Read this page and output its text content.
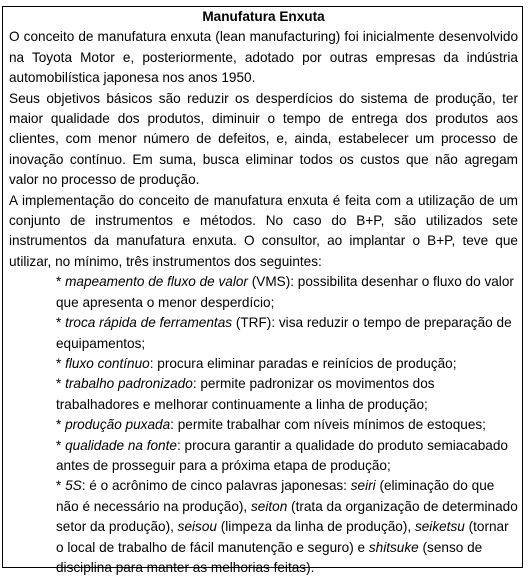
Manufatura Enxuta

O conceito de manufatura enxuta (lean manufacturing) foi inicialmente desenvolvido na Toyota Motor e, posteriormente, adotado por outras empresas da indústria automobilística japonesa nos anos 1950.

Seus objetivos básicos são reduzir os desperdícios do sistema de produção, ter maior qualidade dos produtos, diminuir o tempo de entrega dos produtos aos clientes, com menor número de defeitos, e, ainda, estabelecer um processo de inovação contínuo. Em suma, busca eliminar todos os custos que não agregam valor no processo de produção.

A implementação do conceito de manufatura enxuta é feita com a utilização de um conjunto de instrumentos e métodos. No caso do B+P, são utilizados sete instrumentos da manufatura enxuta. O consultor, ao implantar o B+P, teve que utilizar, no mínimo, três instrumentos dos seguintes:

* mapeamento de fluxo de valor (VMS): possibilita desenhar o fluxo do valor que apresenta o menor desperdício;
* troca rápida de ferramentas (TRF): visa reduzir o tempo de preparação de equipamentos;
* fluxo contínuo: procura eliminar paradas e reinícios de produção;
* trabalho padronizado: permite padronizar os movimentos dos trabalhadores e melhorar continuamente a linha de produção;
* produção puxada: permite trabalhar com níveis mínimos de estoques;
* qualidade na fonte: procura garantir a qualidade do produto semiacabado antes de prosseguir para a próxima etapa de produção;
* 5S: é o acrônimo de cinco palavras japonesas: seiri (eliminação do que não é necessário na produção), seiton (trata da organização de determinado setor da produção), seisou (limpeza da linha de produção), seiketsu (tornar o local de trabalho de fácil manutenção e seguro) e shitsuke (senso de disciplina para manter as melhorias feitas).
